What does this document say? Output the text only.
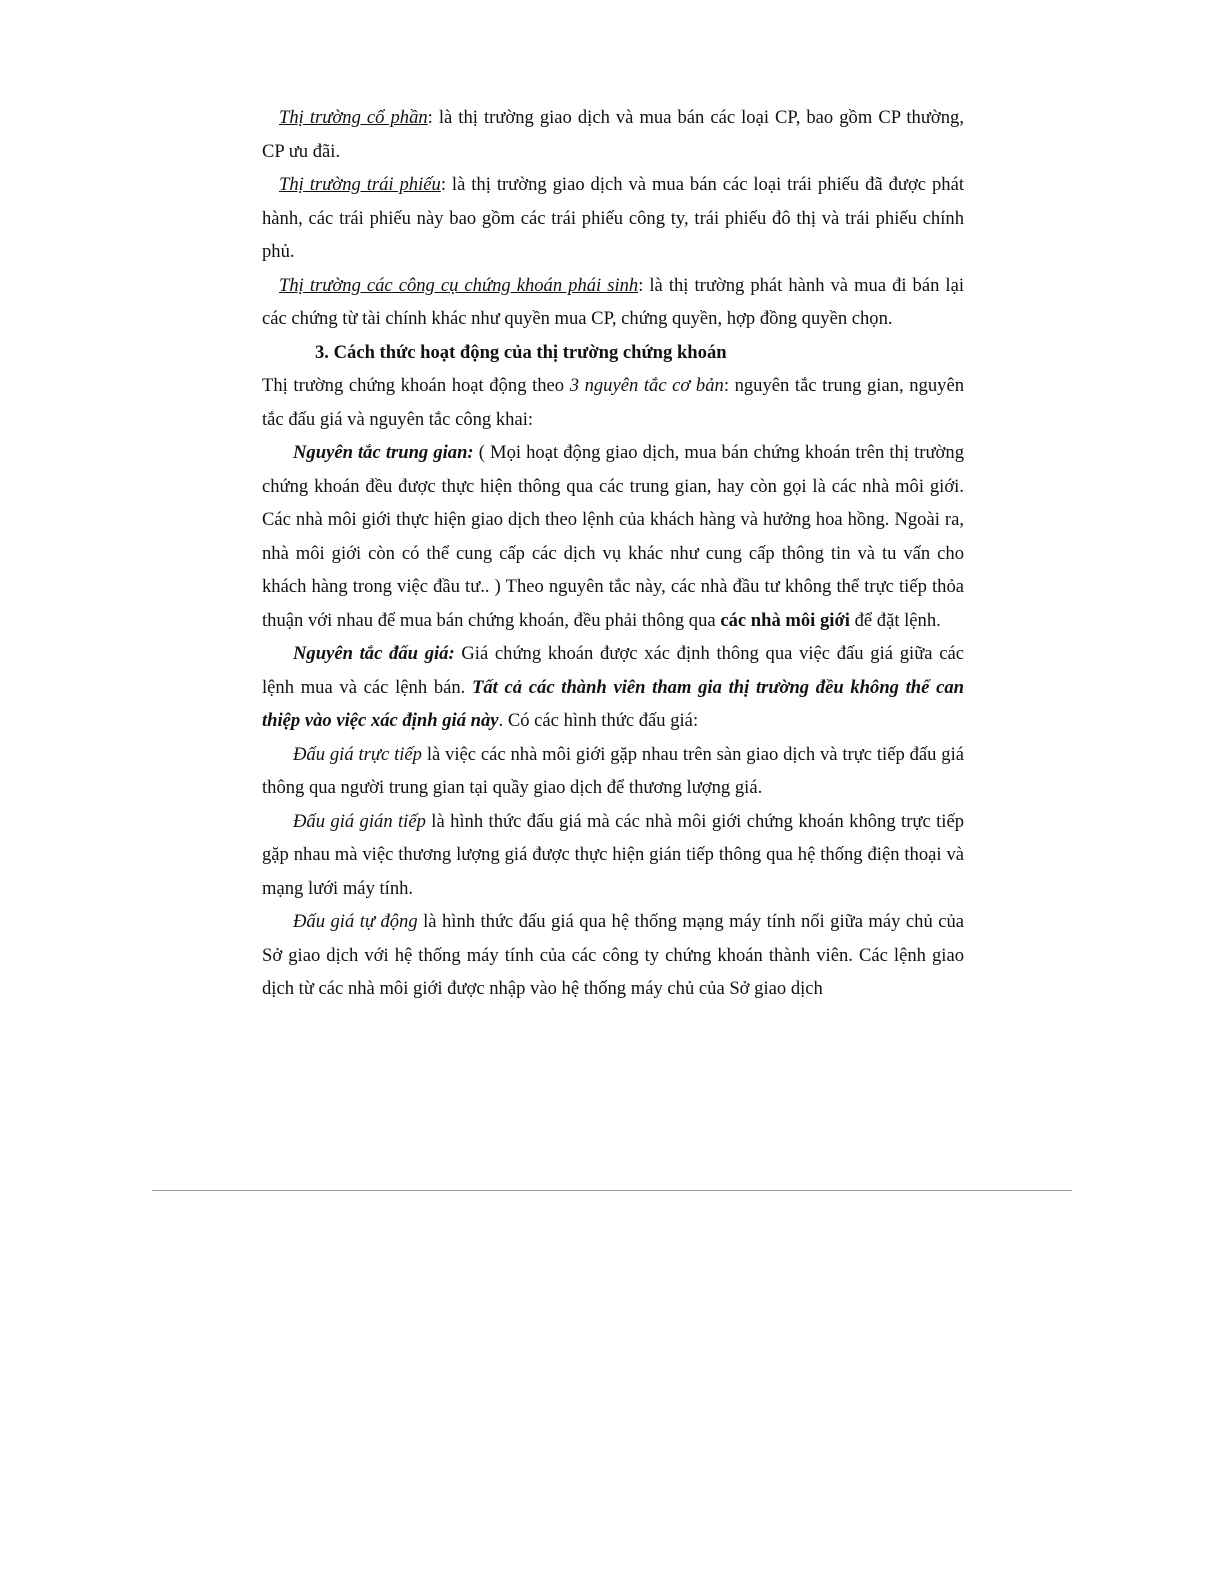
Thị trường cổ phần: là thị trường giao dịch và mua bán các loại CP, bao gồm CP thường, CP ưu đãi.

Thị trường trái phiếu: là thị trường giao dịch và mua bán các loại trái phiếu đã được phát hành, các trái phiếu này bao gồm các trái phiếu công ty, trái phiếu đô thị và trái phiếu chính phủ.

Thị trường các công cụ chứng khoán phái sinh: là thị trường phát hành và mua đi bán lại các chứng từ tài chính khác như quyền mua CP, chứng quyền, hợp đồng quyền chọn.

3. Cách thức hoạt động của thị trường chứng khoán

Thị trường chứng khoán hoạt động theo 3 nguyên tắc cơ bản: nguyên tắc trung gian, nguyên tắc đấu giá và nguyên tắc công khai:

Nguyên tắc trung gian: ( Mọi hoạt động giao dịch, mua bán chứng khoán trên thị trường chứng khoán đều được thực hiện thông qua các trung gian, hay còn gọi là các nhà môi giới. Các nhà môi giới thực hiện giao dịch theo lệnh của khách hàng và hưởng hoa hồng. Ngoài ra, nhà môi giới còn có thể cung cấp các dịch vụ khác như cung cấp thông tin và tu vấn cho khách hàng trong việc đầu tư.. ) Theo nguyên tắc này, các nhà đầu tư không thể trực tiếp thỏa thuận với nhau để mua bán chứng khoán, đều phải thông qua các nhà môi giới để đặt lệnh.

Nguyên tắc đấu giá: Giá chứng khoán được xác định thông qua việc đấu giá giữa các lệnh mua và các lệnh bán. Tất cả các thành viên tham gia thị trường đều không thể can thiệp vào việc xác định giá này. Có các hình thức đấu giá:

Đấu giá trực tiếp là việc các nhà môi giới gặp nhau trên sàn giao dịch và trực tiếp đấu giá thông qua người trung gian tại quầy giao dịch để thương lượng giá.

Đấu giá gián tiếp là hình thức đấu giá mà các nhà môi giới chứng khoán không trực tiếp gặp nhau mà việc thương lượng giá được thực hiện gián tiếp thông qua hệ thống điện thoại và mạng lưới máy tính.

Đấu giá tự động là hình thức đấu giá qua hệ thống mạng máy tính nối giữa máy chủ của Sở giao dịch với hệ thống máy tính của các công ty chứng khoán thành viên. Các lệnh giao dịch từ các nhà môi giới được nhập vào hệ thống máy chủ của Sở giao dịch
